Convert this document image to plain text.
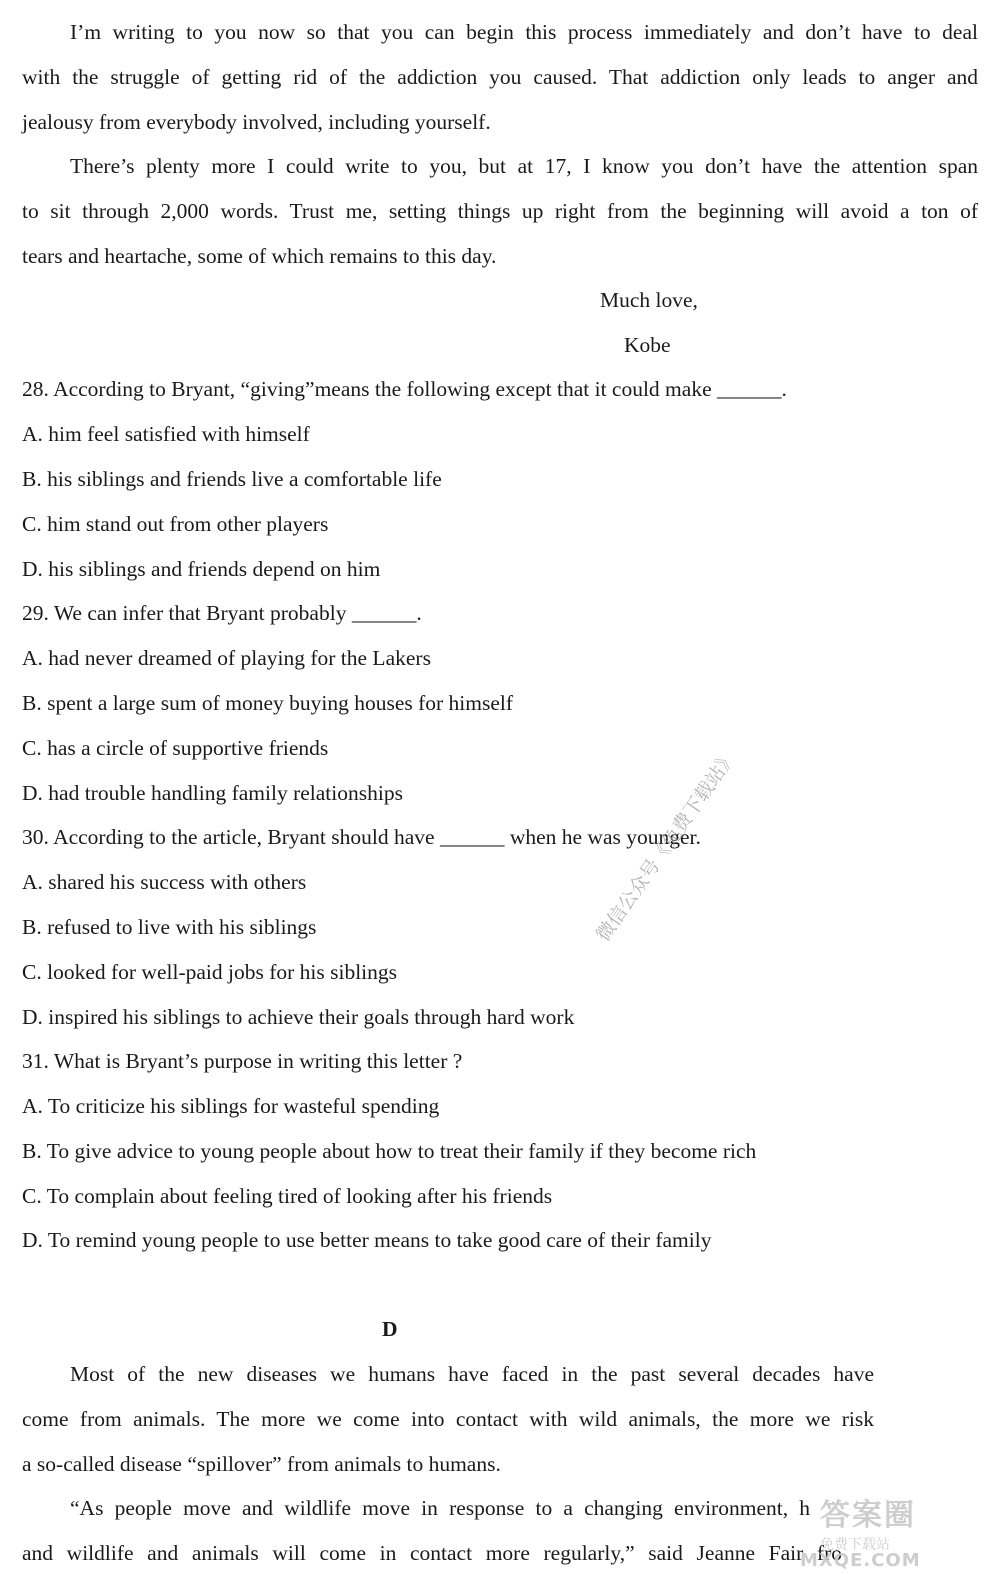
I’m writing to you now so that you can begin this process immediately and don’t have to deal
with the struggle of getting rid of the addiction you caused. That addiction only leads to anger and
jealousy from everybody involved, including yourself.
There’s plenty more I could write to you, but at 17, I know you don’t have the attention span
to sit through 2,000 words. Trust me, setting things up right from the beginning will avoid a ton of
tears and heartache, some of which remains to this day.
Much love,
Kobe
28. According to Bryant, “giving”means the following except that it could make ______.
A. him feel satisfied with himself
B. his siblings and friends live a comfortable life
C. him stand out from other players
D. his siblings and friends depend on him
29. We can infer that Bryant probably ______.
A. had never dreamed of playing for the Lakers
B. spent a large sum of money buying houses for himself
C. has a circle of supportive friends
D. had trouble handling family relationships
30. According to the article, Bryant should have ______ when he was younger.
A. shared his success with others
B. refused to live with his siblings
C. looked for well-paid jobs for his siblings
D. inspired his siblings to achieve their goals through hard work
31. What is Bryant’s purpose in writing this letter ?
A. To criticize his siblings for wasteful spending
B. To give advice to young people about how to treat their family if they become rich
C. To complain about feeling tired of looking after his friends
D. To remind young people to use better means to take good care of their family
D
Most of the new diseases we humans have faced in the past several decades have
come from animals. The more we come into contact with wild animals, the more we risk
a so-called disease “spillover” from animals to humans.
“As people move and wildlife move in response to a changing environment, h
and wildlife and animals will come in contact more regularly,” said Jeanne Fair fro
微信公众号《免费下载站》
答案圈
免费下载站
MXQE.COM
